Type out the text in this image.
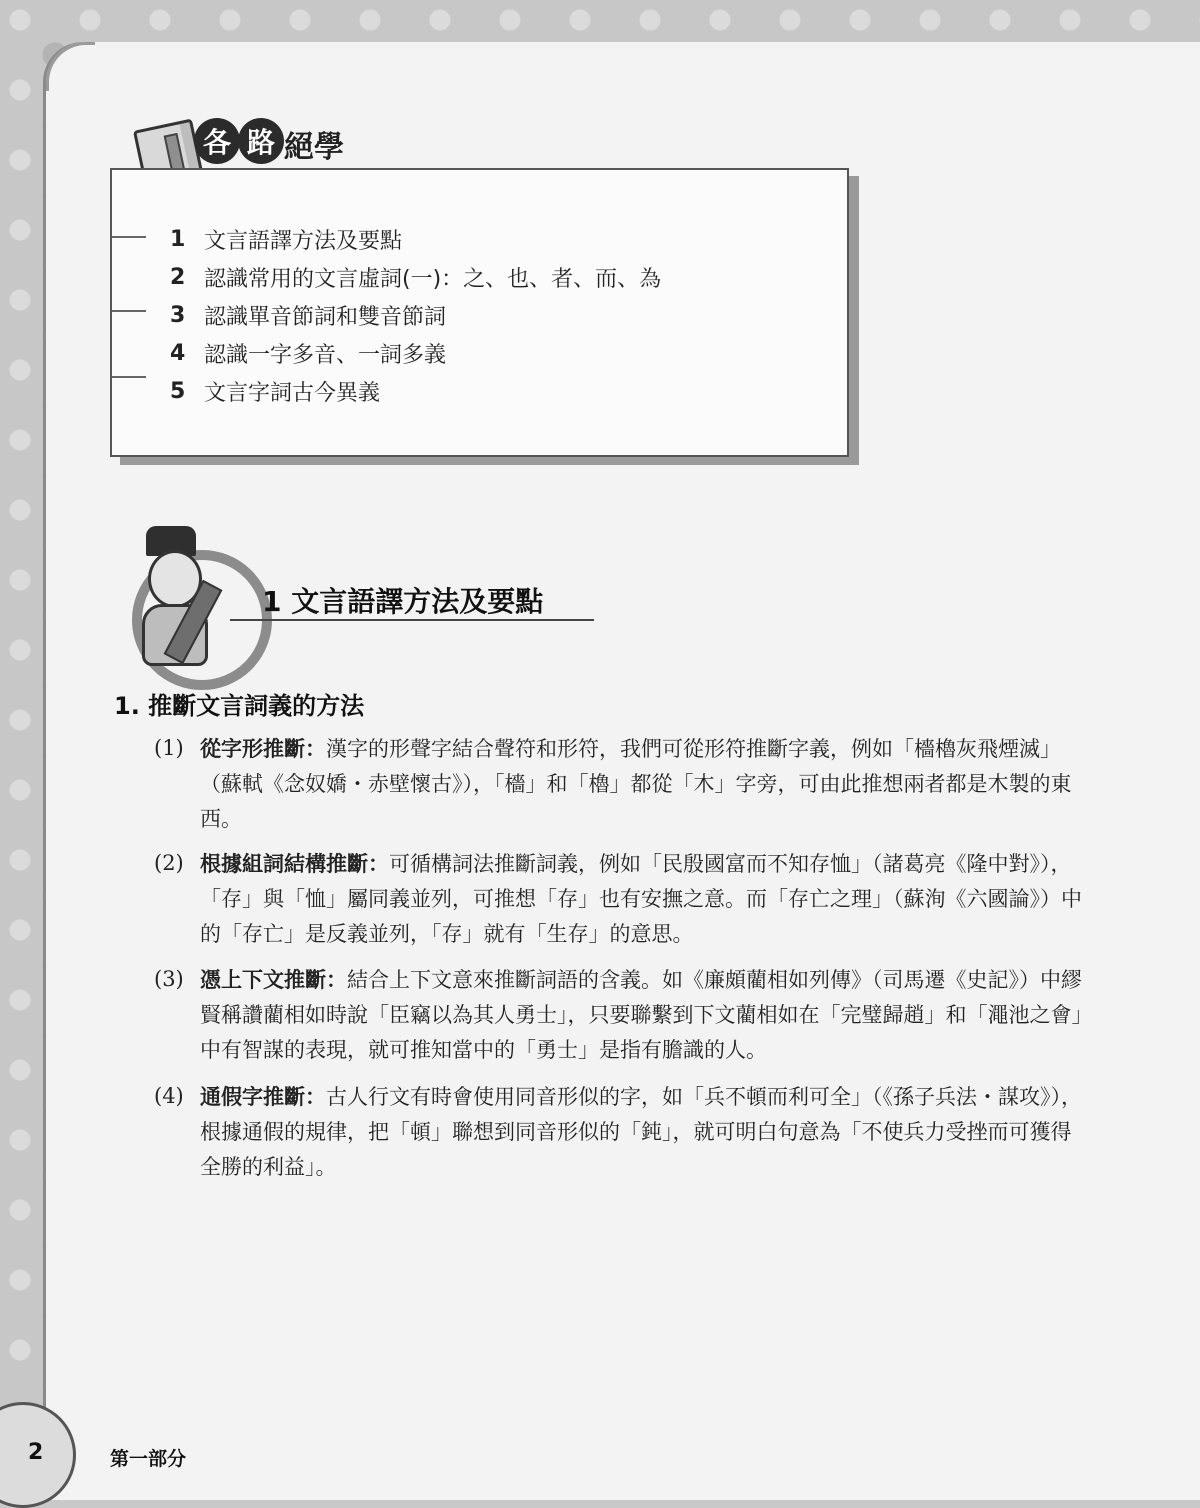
各 路 絕學
1 文言語譯方法及要點
2 認識常用的文言虛詞(一)：之、也、者、而、為
3 認識單音節詞和雙音節詞
4 認識一字多音、一詞多義
5 文言字詞古今異義
1 文言語譯方法及要點
1. 推斷文言詞義的方法
(1) 從字形推斷：漢字的形聲字結合聲符和形符，我們可從形符推斷字義，例如「檣櫓灰飛煙滅」（蘇軾《念奴嬌・赤壁懷古》），「檣」和「櫓」都從「木」字旁，可由此推想兩者都是木製的東西。
(2) 根據組詞結構推斷：可循構詞法推斷詞義，例如「民殷國富而不知存恤」（諸葛亮《隆中對》），「存」與「恤」屬同義並列，可推想「存」也有安撫之意。而「存亡之理」（蘇洵《六國論》）中的「存亡」是反義並列，「存」就有「生存」的意思。
(3) 憑上下文推斷：結合上下文意來推斷詞語的含義。如《廉頗藺相如列傳》（司馬遷《史記》）中繆賢稱讚藺相如時說「臣竊以為其人勇士」，只要聯繫到下文藺相如在「完璧歸趙」和「澠池之會」中有智謀的表現，就可推知當中的「勇士」是指有膽識的人。
(4) 通假字推斷：古人行文有時會使用同音形似的字，如「兵不頓而利可全」（《孫子兵法・謀攻》），根據通假的規律，把「頓」聯想到同音形似的「鈍」，就可明白句意為「不使兵力受挫而可獲得全勝的利益」。
2	第一部分
